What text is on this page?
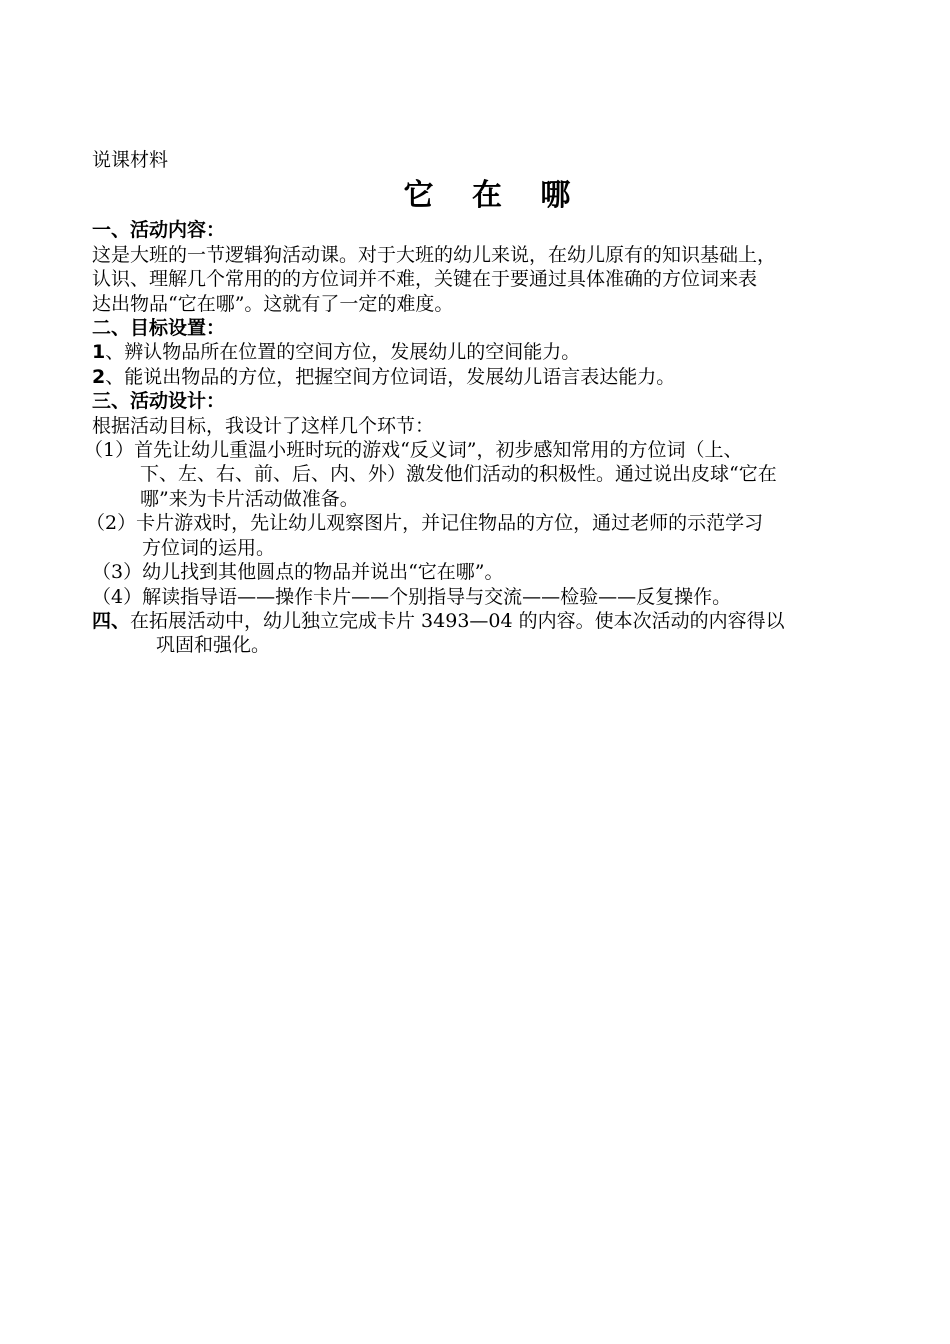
说课材料
它 在 哪
一、活动内容：
这是大班的一节逻辑狗活动课。对于大班的幼儿来说，在幼儿原有的知识基础上，
认识、理解几个常用的的方位词并不难，关键在于要通过具体准确的方位词来表
达出物品“它在哪”。这就有了一定的难度。
二、目标设置：
1、辨认物品所在位置的空间方位，发展幼儿的空间能力。
2、能说出物品的方位，把握空间方位词语，发展幼儿语言表达能力。
三、活动设计：
根据活动目标，我设计了这样几个环节：
（1）首先让幼儿重温小班时玩的游戏“反义词”，初步感知常用的方位词（上、
下、左、右、前、后、内、外）激发他们活动的积极性。通过说出皮球“它在
哪”来为卡片活动做准备。
（2）卡片游戏时，先让幼儿观察图片，并记住物品的方位，通过老师的示范学习
方位词的运用。
（3）幼儿找到其他圆点的物品并说出“它在哪”。
（4）解读指导语——操作卡片——个别指导与交流——检验——反复操作。
四、在拓展活动中，幼儿独立完成卡片 3493—04 的内容。使本次活动的内容得以
巩固和强化。
